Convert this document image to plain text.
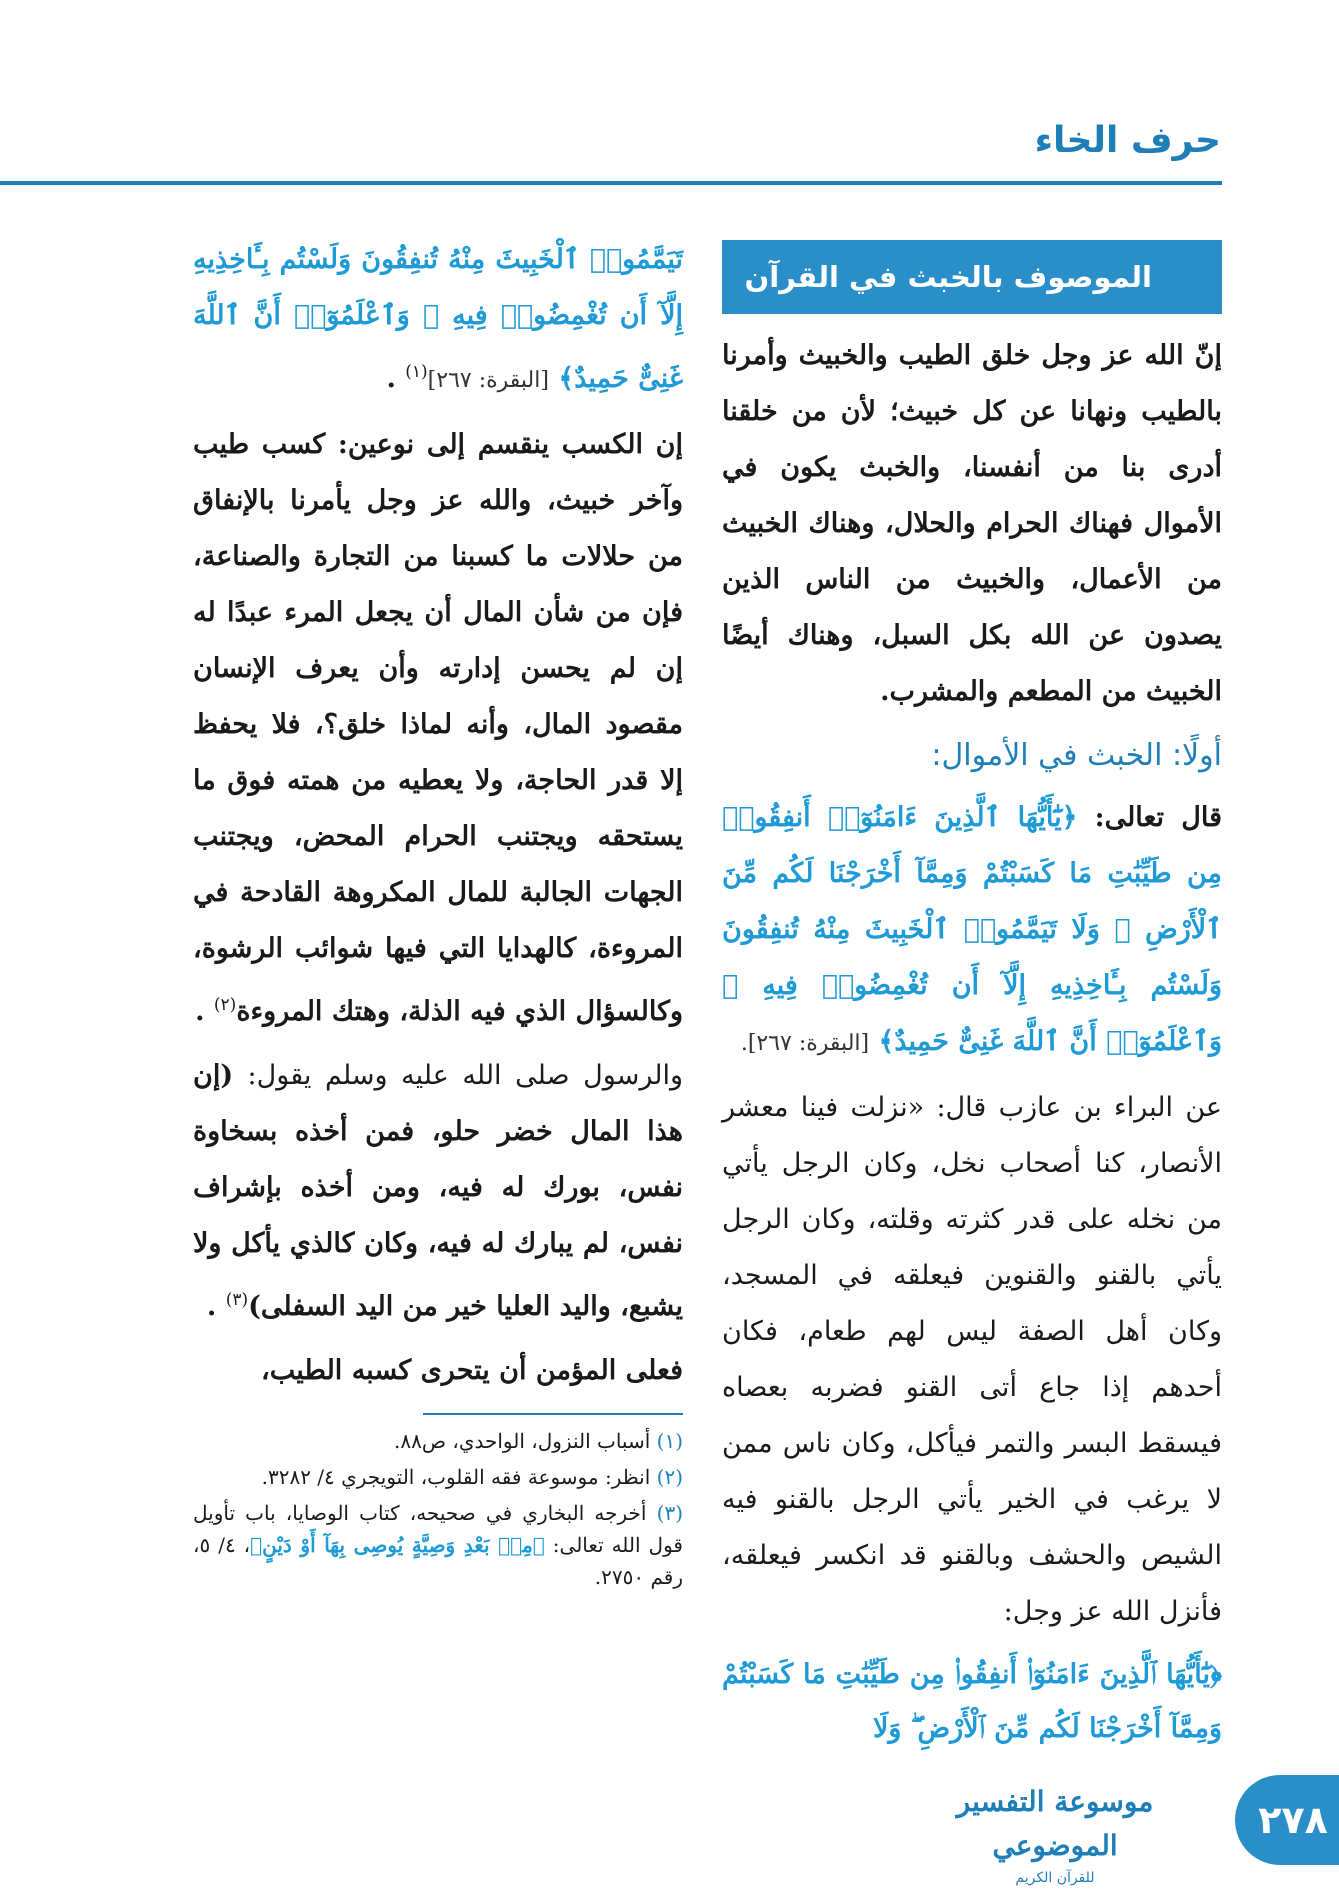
حرف الخاء
الموصوف بالخبث في القرآن

إنّ الله عز وجل خلق الطيب والخبيث وأمرنا بالطيب ونهانا عن كل خبيث؛ لأن من خلقنا أدرى بنا من أنفسنا، والخبث يكون في الأموال فهناك الحرام والحلال، وهناك الخبيث من الأعمال، والخبيث من الناس الذين يصدون عن الله بكل السبل، وهناك أيضًا الخبيث من المطعم والمشرب.

أولًا: الخبث في الأموال:

قال تعالى: ﴿يَٰٓأَيُّهَا ٱلَّذِينَ ءَامَنُوٓا۟ أَنفِقُوا۟ مِن طَيِّبَٰتِ مَا كَسَبْتُمْ وَمِمَّآ أَخْرَجْنَا لَكُم مِّنَ ٱلْأَرْضِ ۖ وَلَا تَيَمَّمُوا۟ ٱلْخَبِيثَ مِنْهُ تُنفِقُونَ وَلَسْتُم بِـَٔاخِذِيهِ إِلَّآ أَن تُغْمِضُوا۟ فِيهِ ۚ وَٱعْلَمُوٓا۟ أَنَّ ٱللَّهَ غَنِىٌّ حَمِيدٌ﴾ [البقرة: ٢٦٧].

عن البراء بن عازب قال: «نزلت فينا معشر الأنصار، كنا أصحاب نخل، وكان الرجل يأتي من نخله على قدر كثرته وقلته، وكان الرجل يأتي بالقنو والقنوين فيعلقه في المسجد، وكان أهل الصفة ليس لهم طعام، فكان أحدهم إذا جاع أتى القنو فضربه بعصاه فيسقط البسر والتمر فيأكل، وكان ناس ممن لا يرغب في الخير يأتي الرجل بالقنو فيه الشيص والحشف وبالقنو قد انكسر فيعلقه، فأنزل الله عز وجل:

﴿يَٰٓأَيُّهَا ٱلَّذِينَ ءَامَنُوٓا۟ أَنفِقُوا۟ مِن طَيِّبَٰتِ مَا كَسَبْتُمْ وَمِمَّآ أَخْرَجْنَا لَكُم مِّنَ ٱلْأَرْضِ ۖ وَلَا

تَيَمَّمُوا۟ ٱلْخَبِيثَ مِنْهُ تُنفِقُونَ وَلَسْتُم بِـَٔاخِذِيهِ إِلَّآ أَن تُغْمِضُوا۟ فِيهِ ۚ وَٱعْلَمُوٓا۟ أَنَّ ٱللَّهَ غَنِىٌّ حَمِيدٌ﴾ [البقرة: ٢٦٧]$^{(١)}$ .

إن الكسب ينقسم إلى نوعين: كسب طيب وآخر خبيث، والله عز وجل يأمرنا بالإنفاق من حلالات ما كسبنا من التجارة والصناعة، فإن من شأن المال أن يجعل المرء عبدًا له إن لم يحسن إدارته وأن يعرف الإنسان مقصود المال، وأنه لماذا خلق؟، فلا يحفظ إلا قدر الحاجة، ولا يعطيه من همته فوق ما يستحقه ويجتنب الحرام المحض، ويجتنب الجهات الجالبة للمال المكروهة القادحة في المروءة، كالهدايا التي فيها شوائب الرشوة، وكالسؤال الذي فيه الذلة، وهتك المروءة$^{(٢)}$ .

والرسول صلى الله عليه وسلم يقول: (إن هذا المال خضر حلو، فمن أخذه بسخاوة نفس، بورك له فيه، ومن أخذه بإشراف نفس، لم يبارك له فيه، وكان كالذي يأكل ولا يشبع، واليد العليا خير من اليد السفلى)$^{(٣)}$ .

فعلى المؤمن أن يتحرى كسبه الطيب،

(١) أسباب النزول، الواحدي، ص٨٨.
(٢) انظر: موسوعة فقه القلوب، التويجري ٤/ ٣٢٨٢.
(٣) أخرجه البخاري في صحيحه، كتاب الوصايا، باب تأويل قول الله تعالى: ﴿مِنۢ بَعْدِ وَصِيَّةٍ يُوصِى بِهَآ أَوْ دَيْنٍ﴾، ٤/ ٥، رقم ٢٧٥٠.
موسوعة التفسير الموضوعي
للقرآن الكريم
٢٧٨
